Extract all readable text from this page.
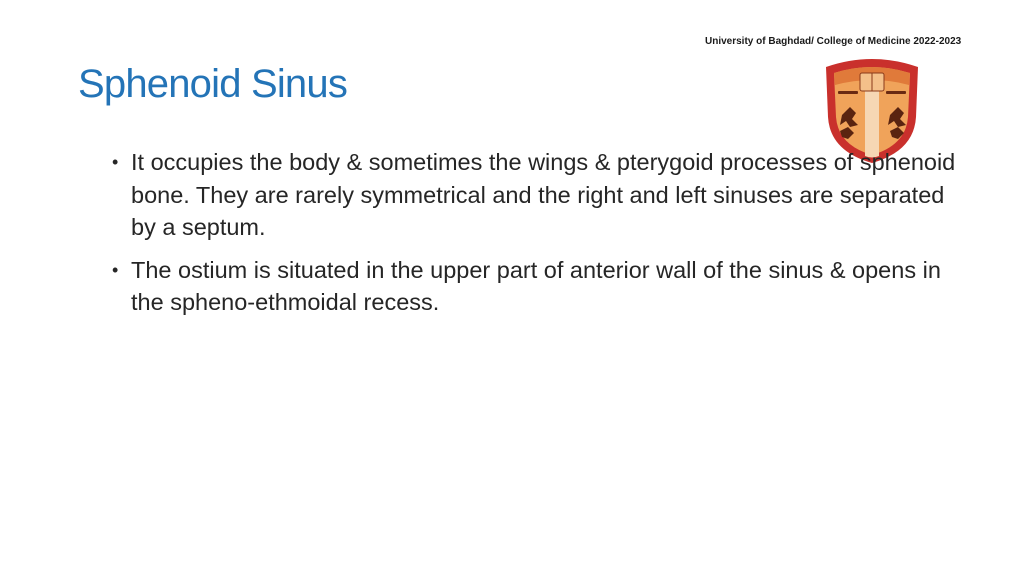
University of Baghdad/ College of Medicine 2022-2023
Sphenoid Sinus
• It occupies the body & sometimes the wings & pterygoid processes of sphenoid bone. They are rarely symmetrical and the right and left sinuses are separated by a septum.
• The ostium is situated in the upper part of anterior wall of the sinus & opens in the spheno-ethmoidal recess.
